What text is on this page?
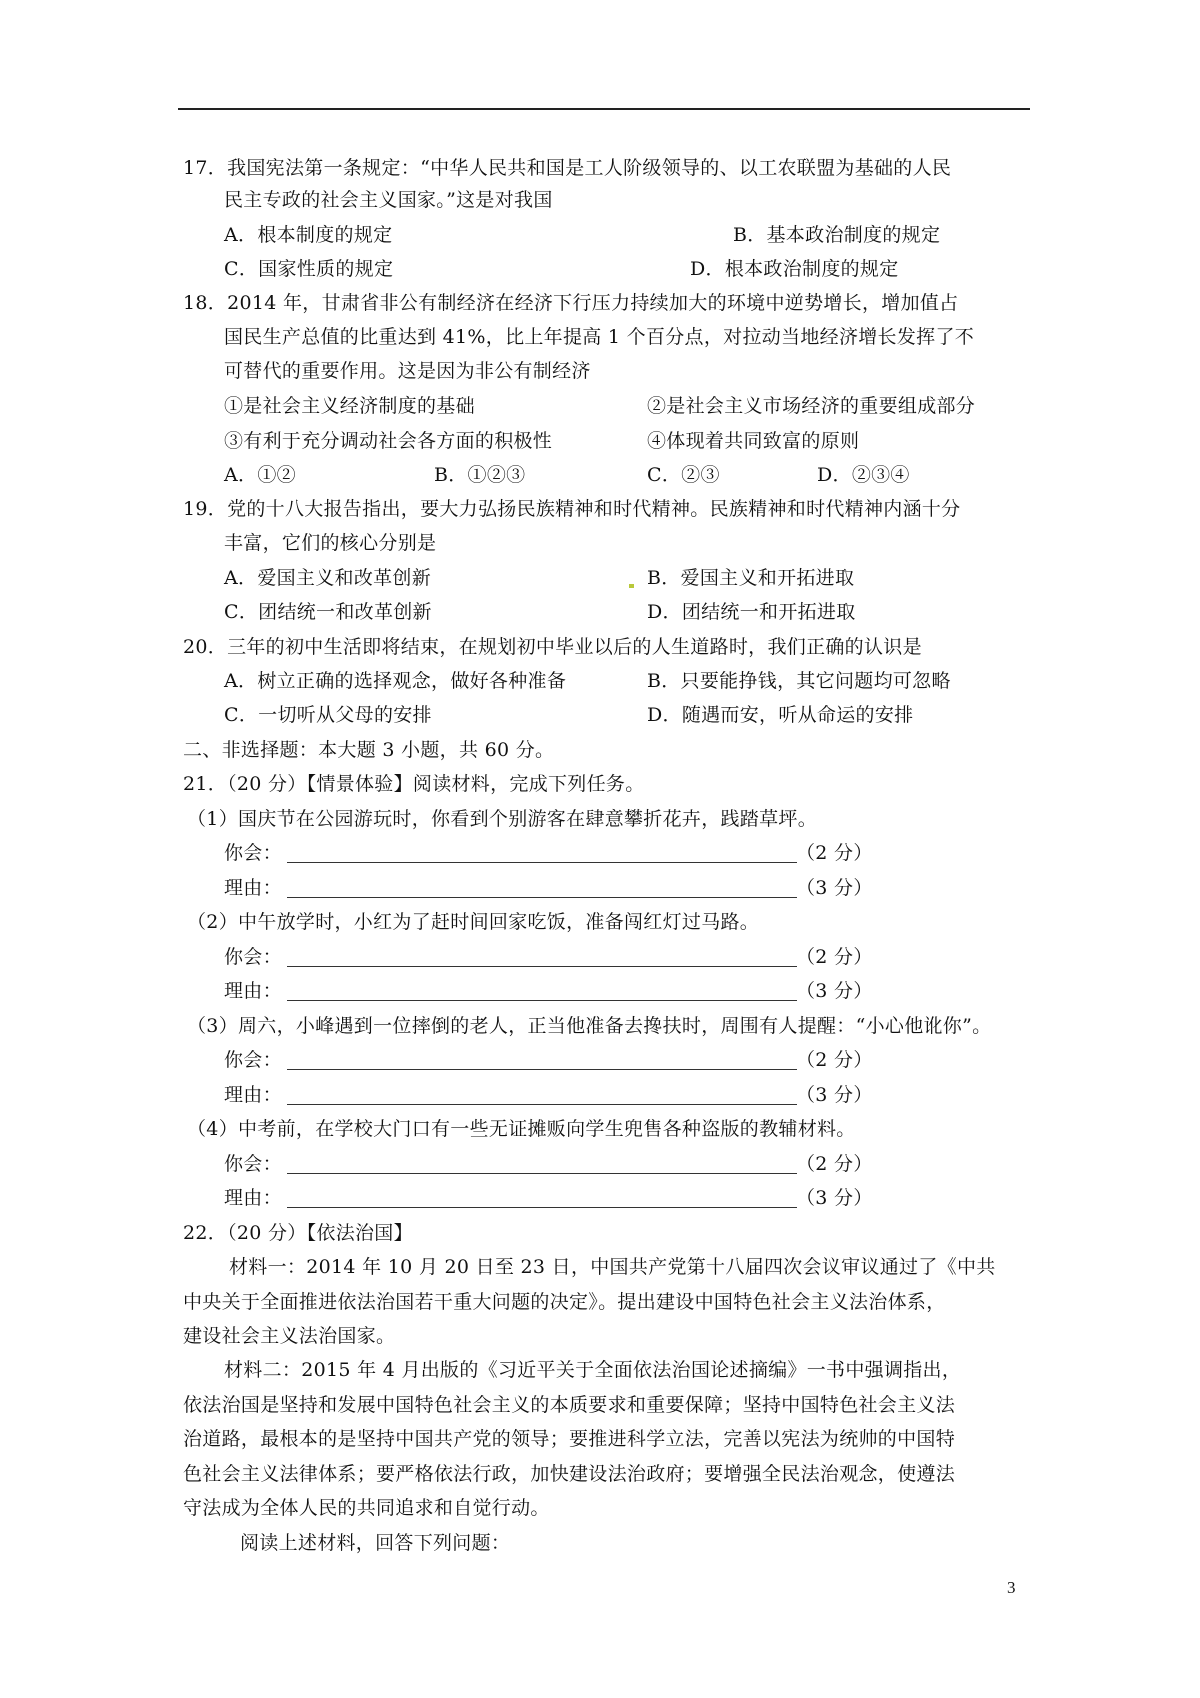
17．我国宪法第一条规定：“中华人民共和国是工人阶级领导的、以工农联盟为基础的人民
民主专政的社会主义国家。”这是对我国
A．根本制度的规定	B．基本政治制度的规定
C．国家性质的规定	D．根本政治制度的规定
18．2014 年，甘肃省非公有制经济在经济下行压力持续加大的环境中逆势增长，增加值占
国民生产总值的比重达到 41%，比上年提高 1 个百分点，对拉动当地经济增长发挥了不
可替代的重要作用。这是因为非公有制经济
①是社会主义经济制度的基础	②是社会主义市场经济的重要组成部分
③有利于充分调动社会各方面的积极性	④体现着共同致富的原则
A．①②	B．①②③	C．②③	D．②③④
19．党的十八大报告指出，要大力弘扬民族精神和时代精神。民族精神和时代精神内涵十分
丰富，它们的核心分别是
A．爱国主义和改革创新	B．爱国主义和开拓进取
C．团结统一和改革创新	D．团结统一和开拓进取
20．三年的初中生活即将结束，在规划初中毕业以后的人生道路时，我们正确的认识是
A．树立正确的选择观念，做好各种准备	B．只要能挣钱，其它问题均可忽略
C．一切听从父母的安排	D．随遇而安，听从命运的安排
二、非选择题：本大题 3 小题，共 60 分。
21．（20 分）【情景体验】阅读材料，完成下列任务。
（1）国庆节在公园游玩时，你看到个别游客在肆意攀折花卉，践踏草坪。
你会：	（2 分）
理由：	（3 分）
（2）中午放学时，小红为了赶时间回家吃饭，准备闯红灯过马路。
你会：	（2 分）
理由：	（3 分）
（3）周六，小峰遇到一位摔倒的老人，正当他准备去搀扶时，周围有人提醒：“小心他讹你”。
你会：	（2 分）
理由：	（3 分）
（4）中考前，在学校大门口有一些无证摊贩向学生兜售各种盗版的教辅材料。
你会：	（2 分）
理由：	（3 分）
22．（20 分）【依法治国】
材料一：2014 年 10 月 20 日至 23 日，中国共产党第十八届四次会议审议通过了《中共
中央关于全面推进依法治国若干重大问题的决定》。提出建设中国特色社会主义法治体系，
建设社会主义法治国家。
材料二：2015 年 4 月出版的《习近平关于全面依法治国论述摘编》一书中强调指出，
依法治国是坚持和发展中国特色社会主义的本质要求和重要保障；坚持中国特色社会主义法
治道路，最根本的是坚持中国共产党的领导；要推进科学立法，完善以宪法为统帅的中国特
色社会主义法律体系；要严格依法行政，加快建设法治政府；要增强全民法治观念，使遵法
守法成为全体人民的共同追求和自觉行动。
阅读上述材料，回答下列问题：
3
